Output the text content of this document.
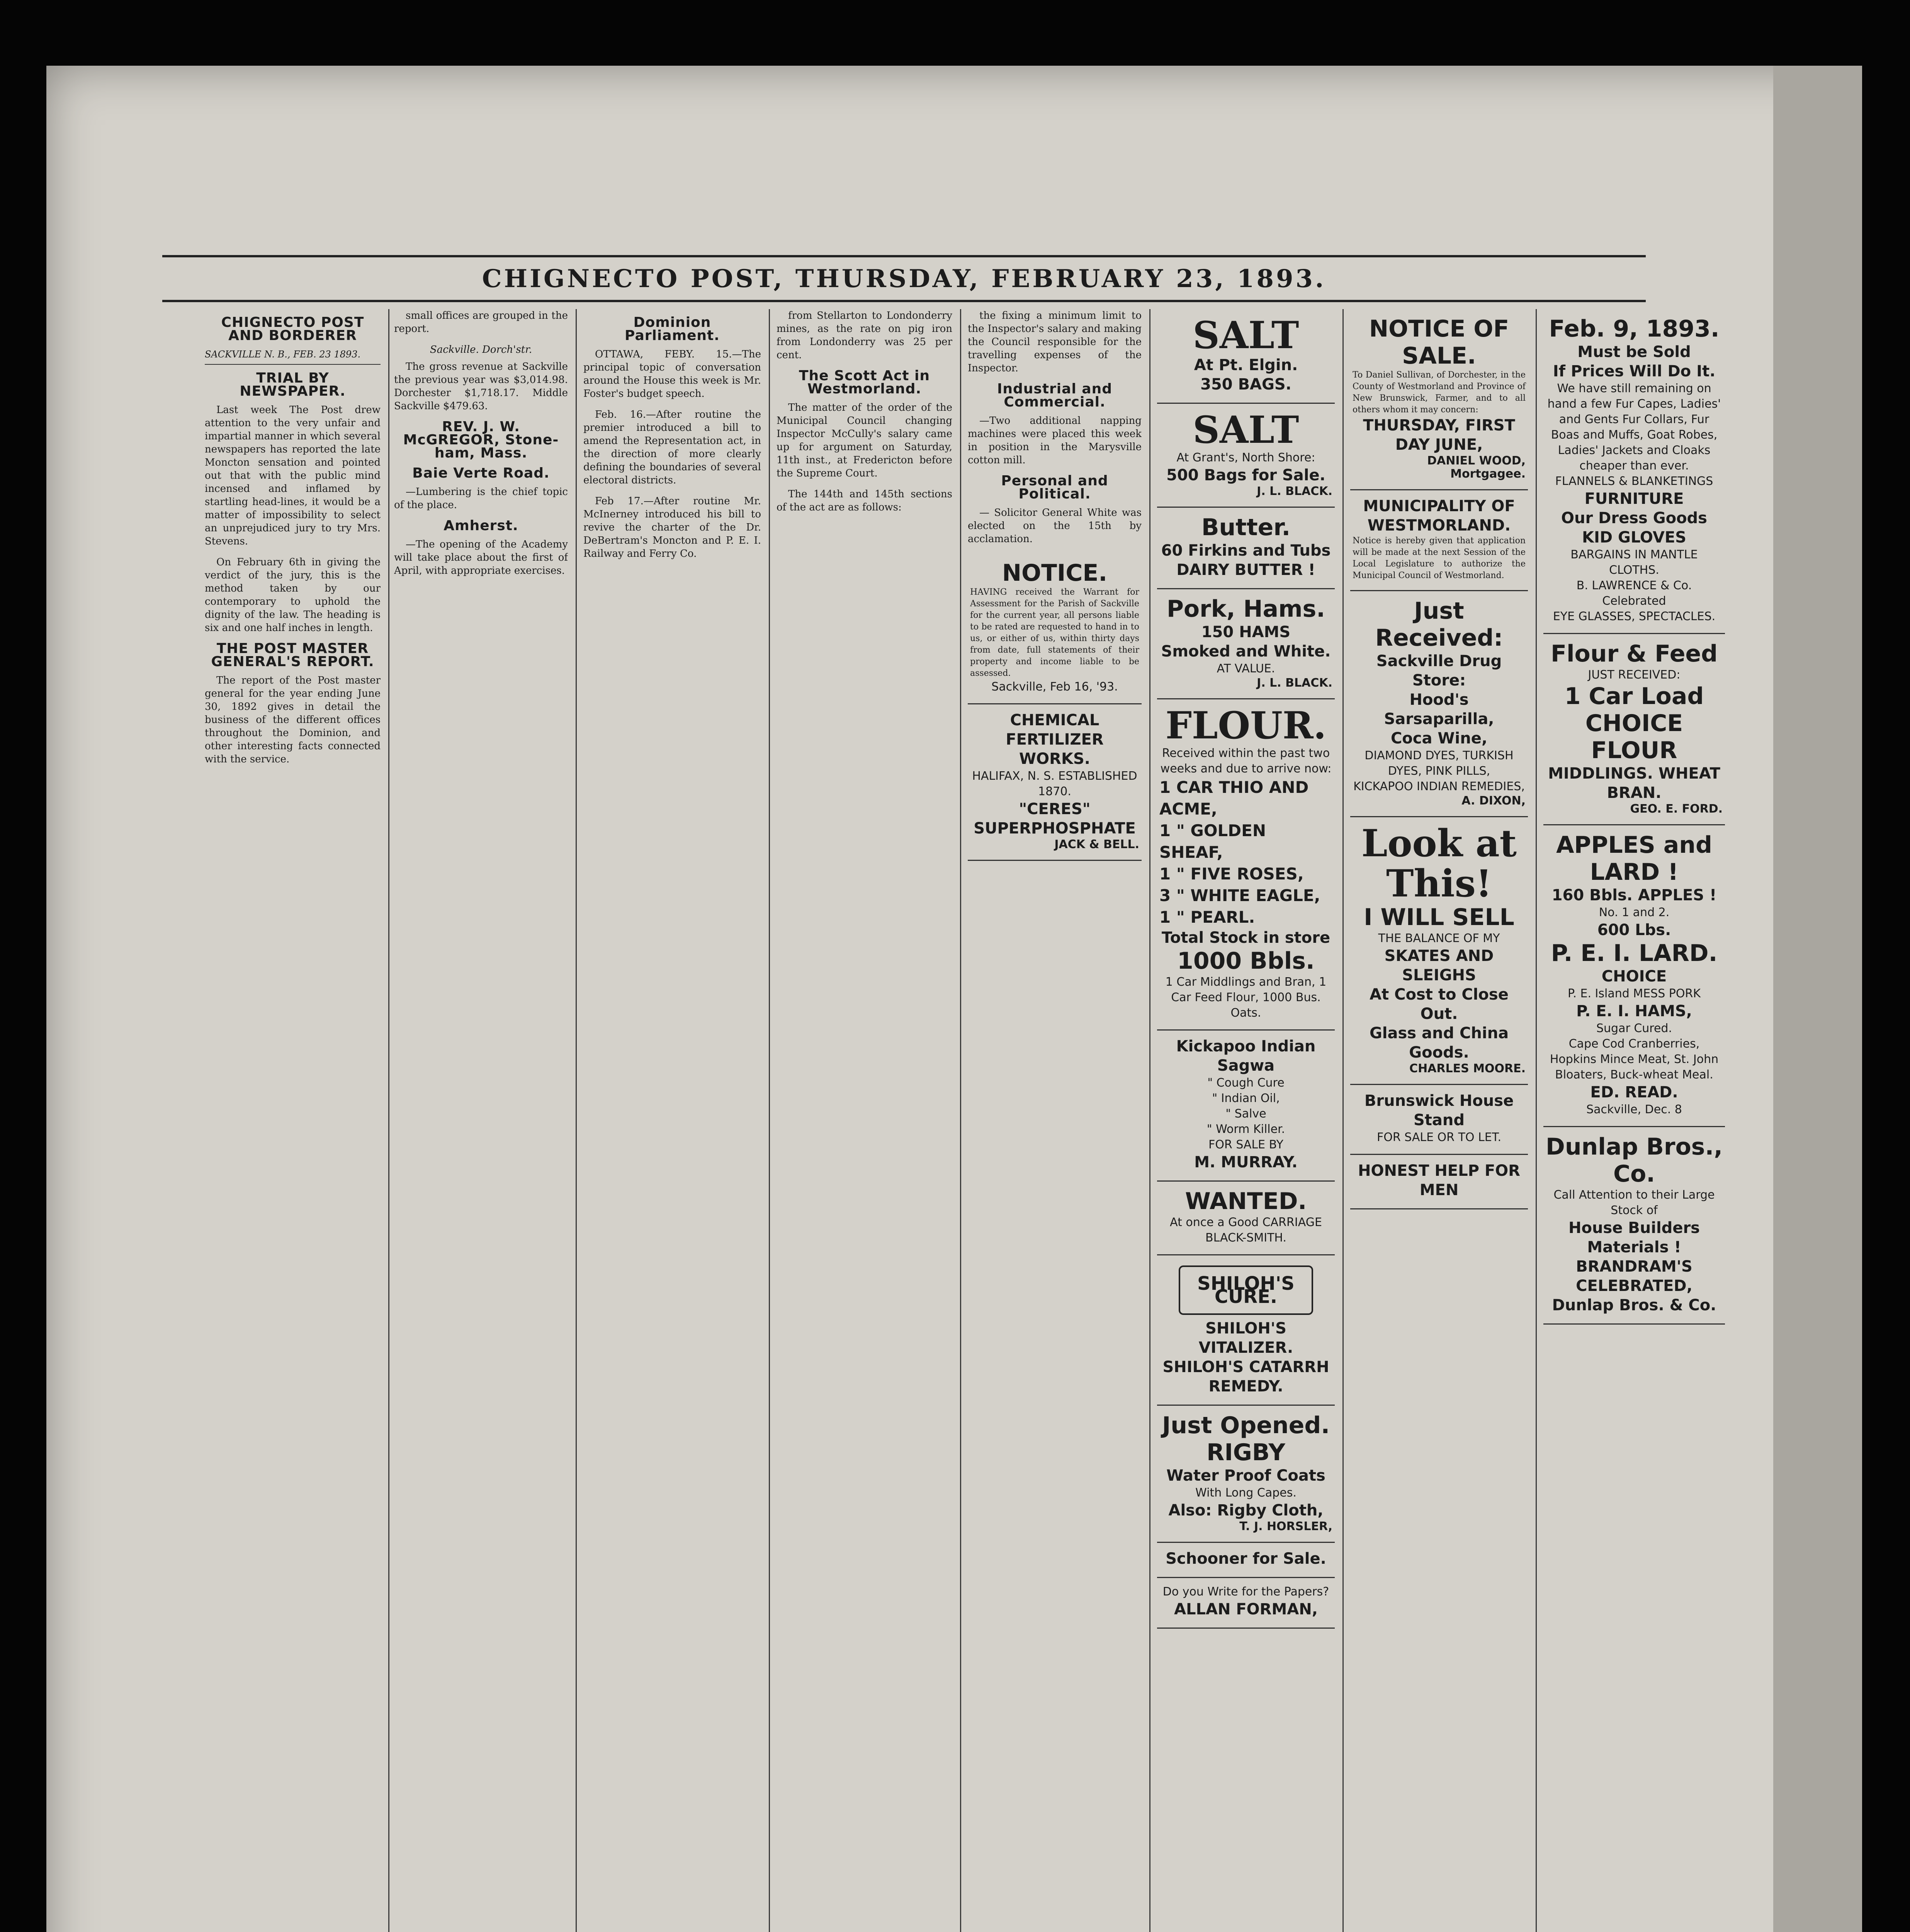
CHIGNECTO POST, THURSDAY, FEBRUARY 23, 1893.
CHIGNECTO POST AND BORDERER
SACKVILLE N. B., FEB. 23 1893.
TRIAL BY NEWSPAPER.

Last week The Post drew attention to the very unfair and impartial manner in which several newspapers has reported the late Moncton sensation and pointed out that with the public mind incensed and inflamed by startling head-lines, it would be a matter of impossibility to select an unprejudiced jury to try Mrs. Stevens.

On February 6th in giving the verdict of the jury, this is the method taken by our contemporary to uphold the dignity of the law. The heading is six and one half inches in length.

THE POST MASTER GENERAL'S REPORT.

The report of the Post master general for the year ending June 30, 1892 gives in detail the business of the different offices throughout the Dominion, and other interesting facts connected with the service.

small offices are grouped in the report.

Sackville. Dorch'str.

The gross revenue at Sackville the previous year was $3,014.98. Dorchester $1,718.17. Middle Sackville $479.63.

REV. J. W. McGREGOR, Stone-ham, Mass.
Baie Verte Road.

—Lumbering is the chief topic of the place.

Amherst.

—The opening of the Academy will take place about the first of April, with appropriate exercises.

Dominion Parliament.

OTTAWA, FEBY. 15.—The principal topic of conversation around the House this week is Mr. Foster's budget speech.

Feb. 16.—After routine the premier introduced a bill to amend the Representation act, in the direction of more clearly defining the boundaries of several electoral districts.

Feb 17.—After routine Mr. McInerney introduced his bill to revive the charter of the Dr. DeBertram's Moncton and P. E. I. Railway and Ferry Co.

from Stellarton to Londonderry mines, as the rate on pig iron from Londonderry was 25 per cent.

The Scott Act in Westmorland.

The matter of the order of the Municipal Council changing Inspector McCully's salary came up for argument on Saturday, 11th inst., at Fredericton before the Supreme Court.

The 144th and 145th sections of the act are as follows:

the fixing a minimum limit to the Inspector's salary and making the Council responsible for the travelling expenses of the Inspector.

Industrial and Commercial.

—Two additional napping machines were placed this week in position in the Marysville cotton mill.

Personal and Political.

— Solicitor General White was elected on the 15th by acclamation.

NOTICE.
HAVING received the Warrant for Assessment for the Parish of Sackville for the current year, all persons liable to be rated are requested to hand in to us, or either of us, within thirty days from date, full statements of their property and income liable to be assessed.
Sackville, Feb 16, '93.
CHEMICAL FERTILIZER WORKS.
HALIFAX, N. S. ESTABLISHED 1870.
"CERES" SUPERPHOSPHATE
JACK & BELL.
SALT
At Pt. Elgin.
350 BAGS.
SALT
At Grant's, North Shore:
500 Bags for Sale.
J. L. BLACK.
Butter.
60 Firkins and Tubs
DAIRY BUTTER !
Pork, Hams.
150 HAMS
Smoked and White.
AT VALUE.
J. L. BLACK.
FLOUR.
Received within the past two weeks and due to arrive now:
1 CAR THIO AND ACME,
1 " GOLDEN SHEAF,
1 " FIVE ROSES,
3 " WHITE EAGLE,
1 " PEARL.
Total Stock in store
1000 Bbls.
1 Car Middlings and Bran, 1 Car Feed Flour, 1000 Bus. Oats.
Kickapoo Indian Sagwa
" Cough Cure
" Indian Oil,
" Salve
" Worm Killer.
FOR SALE BY
M. MURRAY.
WANTED.
At once a Good CARRIAGE BLACK-SMITH.
SHILOH'S CURE.
SHILOH'S VITALIZER.
SHILOH'S CATARRH REMEDY.
Just Opened.
RIGBY
Water Proof Coats
With Long Capes.
Also: Rigby Cloth,
T. J. HORSLER,
Schooner for Sale.
Do you Write for the Papers?
ALLAN FORMAN,
NOTICE OF SALE.
To Daniel Sullivan, of Dorchester, in the County of Westmorland and Province of New Brunswick, Farmer, and to all others whom it may concern:
THURSDAY, FIRST DAY JUNE,
DANIEL WOOD, Mortgagee.
MUNICIPALITY OF WESTMORLAND.
Notice is hereby given that application will be made at the next Session of the Local Legislature to authorize the Municipal Council of Westmorland.
Just Received:
Sackville Drug Store:
Hood's Sarsaparilla,
Coca Wine,
DIAMOND DYES, TURKISH DYES, PINK PILLS,
KICKAPOO INDIAN REMEDIES,
A. DIXON,
Look at This!
I WILL SELL
THE BALANCE OF MY
SKATES AND SLEIGHS
At Cost to Close Out.
Glass and China Goods.
CHARLES MOORE.
Brunswick House Stand
FOR SALE OR TO LET.
HONEST HELP FOR MEN
Feb. 9, 1893.
Must be Sold
If Prices Will Do It.
We have still remaining on hand a few Fur Capes, Ladies' and Gents Fur Collars, Fur Boas and Muffs, Goat Robes, Ladies' Jackets and Cloaks cheaper than ever.
FLANNELS & BLANKETINGS
FURNITURE
Our Dress Goods
KID GLOVES
BARGAINS IN MANTLE CLOTHS.
B. LAWRENCE & Co.
Celebrated
EYE GLASSES, SPECTACLES.
Flour & Feed
JUST RECEIVED:
1 Car Load
CHOICE FLOUR
MIDDLINGS. WHEAT BRAN.
GEO. E. FORD.
APPLES and LARD !
160 Bbls. APPLES !
No. 1 and 2.
600 Lbs.
P. E. I. LARD.
CHOICE
P. E. Island MESS PORK
P. E. I. HAMS,
Sugar Cured.
Cape Cod Cranberries, Hopkins Mince Meat, St. John Bloaters, Buck-wheat Meal.
ED. READ.
Sackville, Dec. 8
Dunlap Bros., Co.
Call Attention to their Large Stock of
House Builders Materials !
BRANDRAM'S CELEBRATED,
Dunlap Bros. & Co.
